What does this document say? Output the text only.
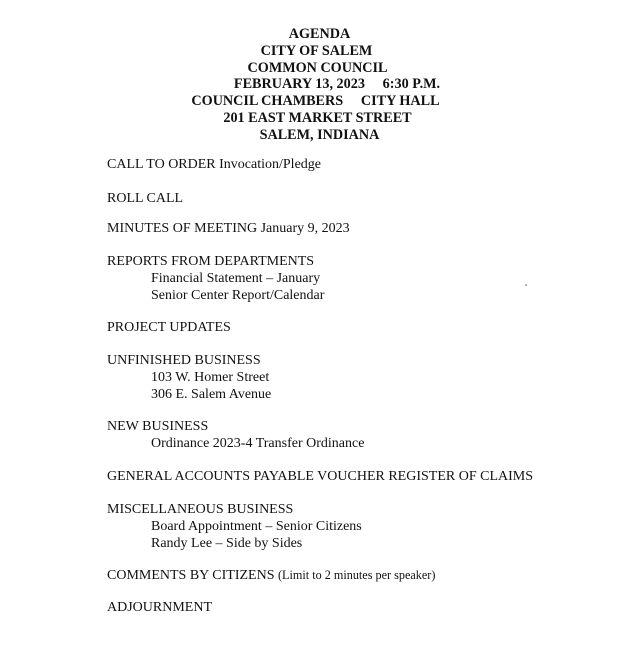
AGENDA
CITY OF SALEM
COMMON COUNCIL
FEBRUARY 13, 2023     6:30 P.M.
COUNCIL CHAMBERS     CITY HALL
201 EAST MARKET STREET
SALEM, INDIANA
CALL TO ORDER Invocation/Pledge
ROLL CALL
MINUTES OF MEETING January 9, 2023
REPORTS FROM DEPARTMENTS
Financial Statement – January
Senior Center Report/Calendar
PROJECT UPDATES
UNFINISHED BUSINESS
103 W. Homer Street
306 E. Salem Avenue
NEW BUSINESS
Ordinance 2023-4 Transfer Ordinance
GENERAL ACCOUNTS PAYABLE VOUCHER REGISTER OF CLAIMS
MISCELLANEOUS BUSINESS
Board Appointment – Senior Citizens
Randy Lee – Side by Sides
COMMENTS BY CITIZENS (Limit to 2 minutes per speaker)
ADJOURNMENT
